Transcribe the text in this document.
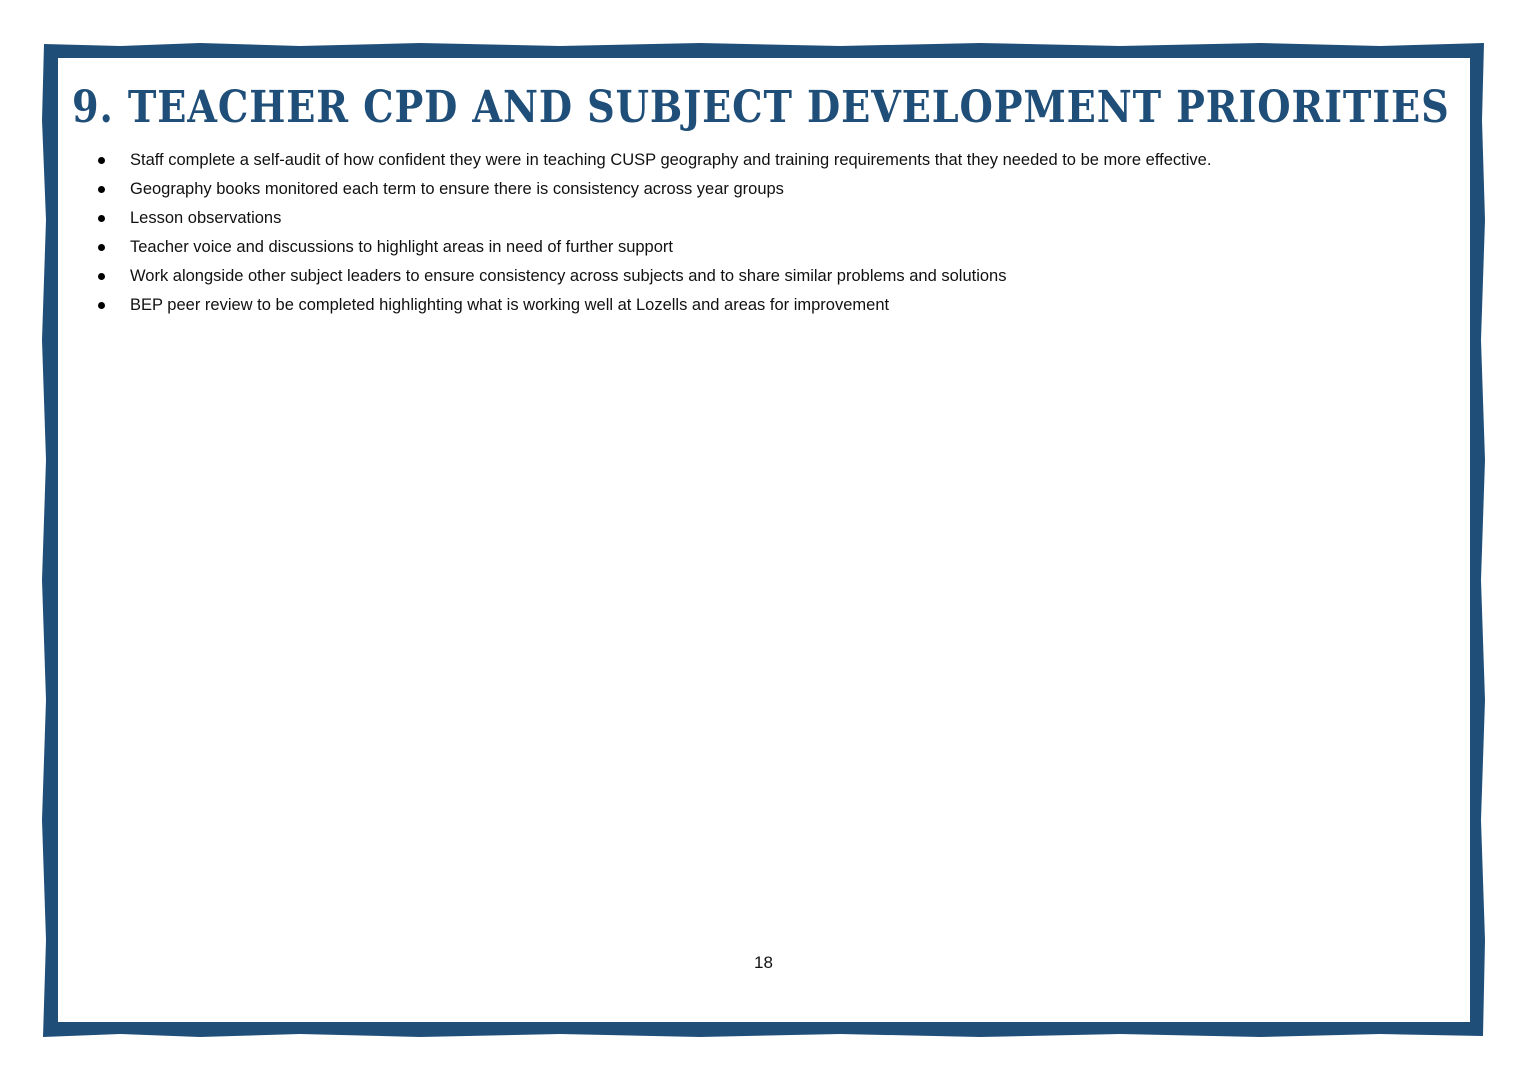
9. TEACHER CPD AND SUBJECT DEVELOPMENT PRIORITIES
Staff complete a self-audit of how confident they were in teaching CUSP geography and training requirements that they needed to be more effective.
Geography books monitored each term to ensure there is consistency across year groups
Lesson observations
Teacher voice and discussions to highlight areas in need of further support
Work alongside other subject leaders to ensure consistency across subjects and to share similar problems and solutions
BEP peer review to be completed highlighting what is working well at Lozells and areas for improvement
18
